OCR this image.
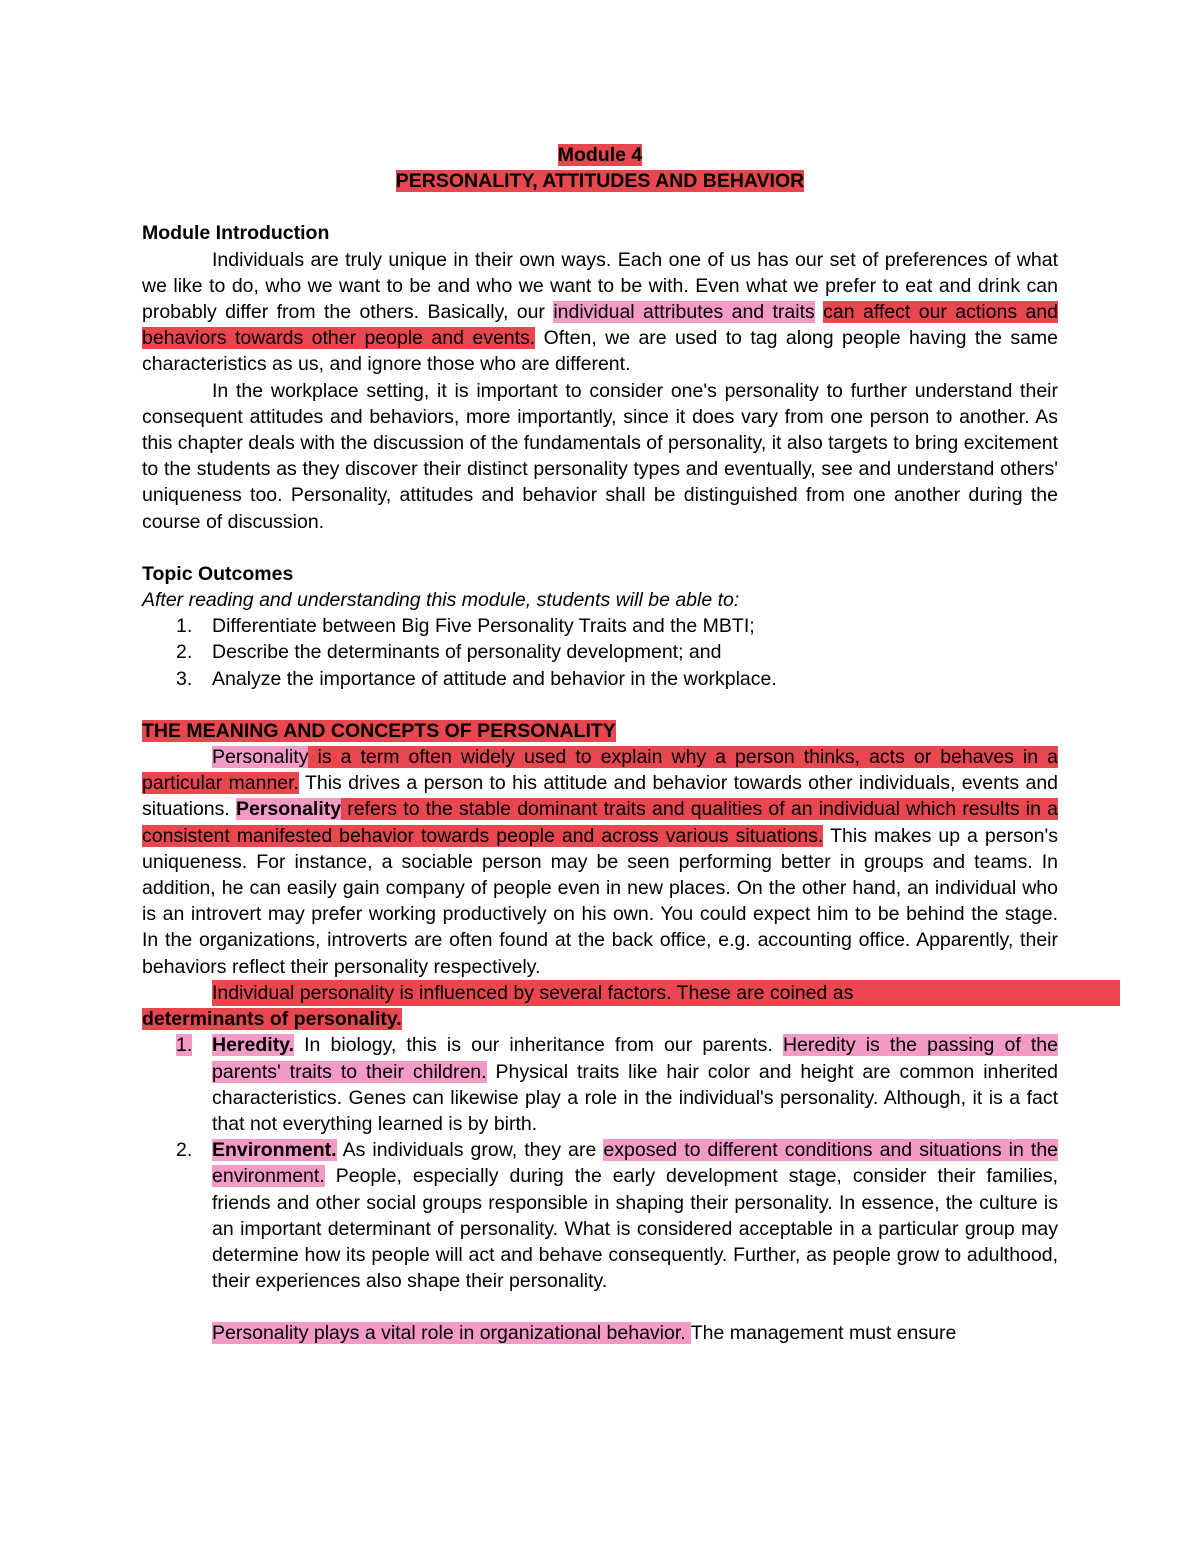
Module 4
PERSONALITY, ATTITUDES AND BEHAVIOR

Module Introduction

Individuals are truly unique in their own ways. Each one of us has our set of preferences of what we like to do, who we want to be and who we want to be with. Even what we prefer to eat and drink can probably differ from the others. Basically, our individual attributes and traits can affect our actions and behaviors towards other people and events. Often, we are used to tag along people having the same characteristics as us, and ignore those who are different.

In the workplace setting, it is important to consider one's personality to further understand their consequent attitudes and behaviors, more importantly, since it does vary from one person to another. As this chapter deals with the discussion of the fundamentals of personality, it also targets to bring excitement to the students as they discover their distinct personality types and eventually, see and understand others' uniqueness too. Personality, attitudes and behavior shall be distinguished from one another during the course of discussion.

Topic Outcomes

After reading and understanding this module, students will be able to:

1. Differentiate between Big Five Personality Traits and the MBTI;
2. Describe the determinants of personality development; and
3. Analyze the importance of attitude and behavior in the workplace.

THE MEANING AND CONCEPTS OF PERSONALITY

Personality is a term often widely used to explain why a person thinks, acts or behaves in a particular manner. This drives a person to his attitude and behavior towards other individuals, events and situations. Personality refers to the stable dominant traits and qualities of an individual which results in a consistent manifested behavior towards people and across various situations. This makes up a person's uniqueness. For instance, a sociable person may be seen performing better in groups and teams. In addition, he can easily gain company of people even in new places. On the other hand, an individual who is an introvert may prefer working productively on his own. You could expect him to be behind the stage. In the organizations, introverts are often found at the back office, e.g. accounting office. Apparently, their behaviors reflect their personality respectively.

Individual personality is influenced by several factors. These are coined as

determinants of personality.

1. Heredity. In biology, this is our inheritance from our parents. Heredity is the passing of the parents' traits to their children. Physical traits like hair color and height are common inherited characteristics. Genes can likewise play a role in the individual's personality. Although, it is a fact that not everything learned is by birth.
2. Environment. As individuals grow, they are exposed to different conditions and situations in the environment. People, especially during the early development stage, consider their families, friends and other social groups responsible in shaping their personality. In essence, the culture is an important determinant of personality. What is considered acceptable in a particular group may determine how its people will act and behave consequently. Further, as people grow to adulthood, their experiences also shape their personality.

Personality plays a vital role in organizational behavior. The management must ensure
